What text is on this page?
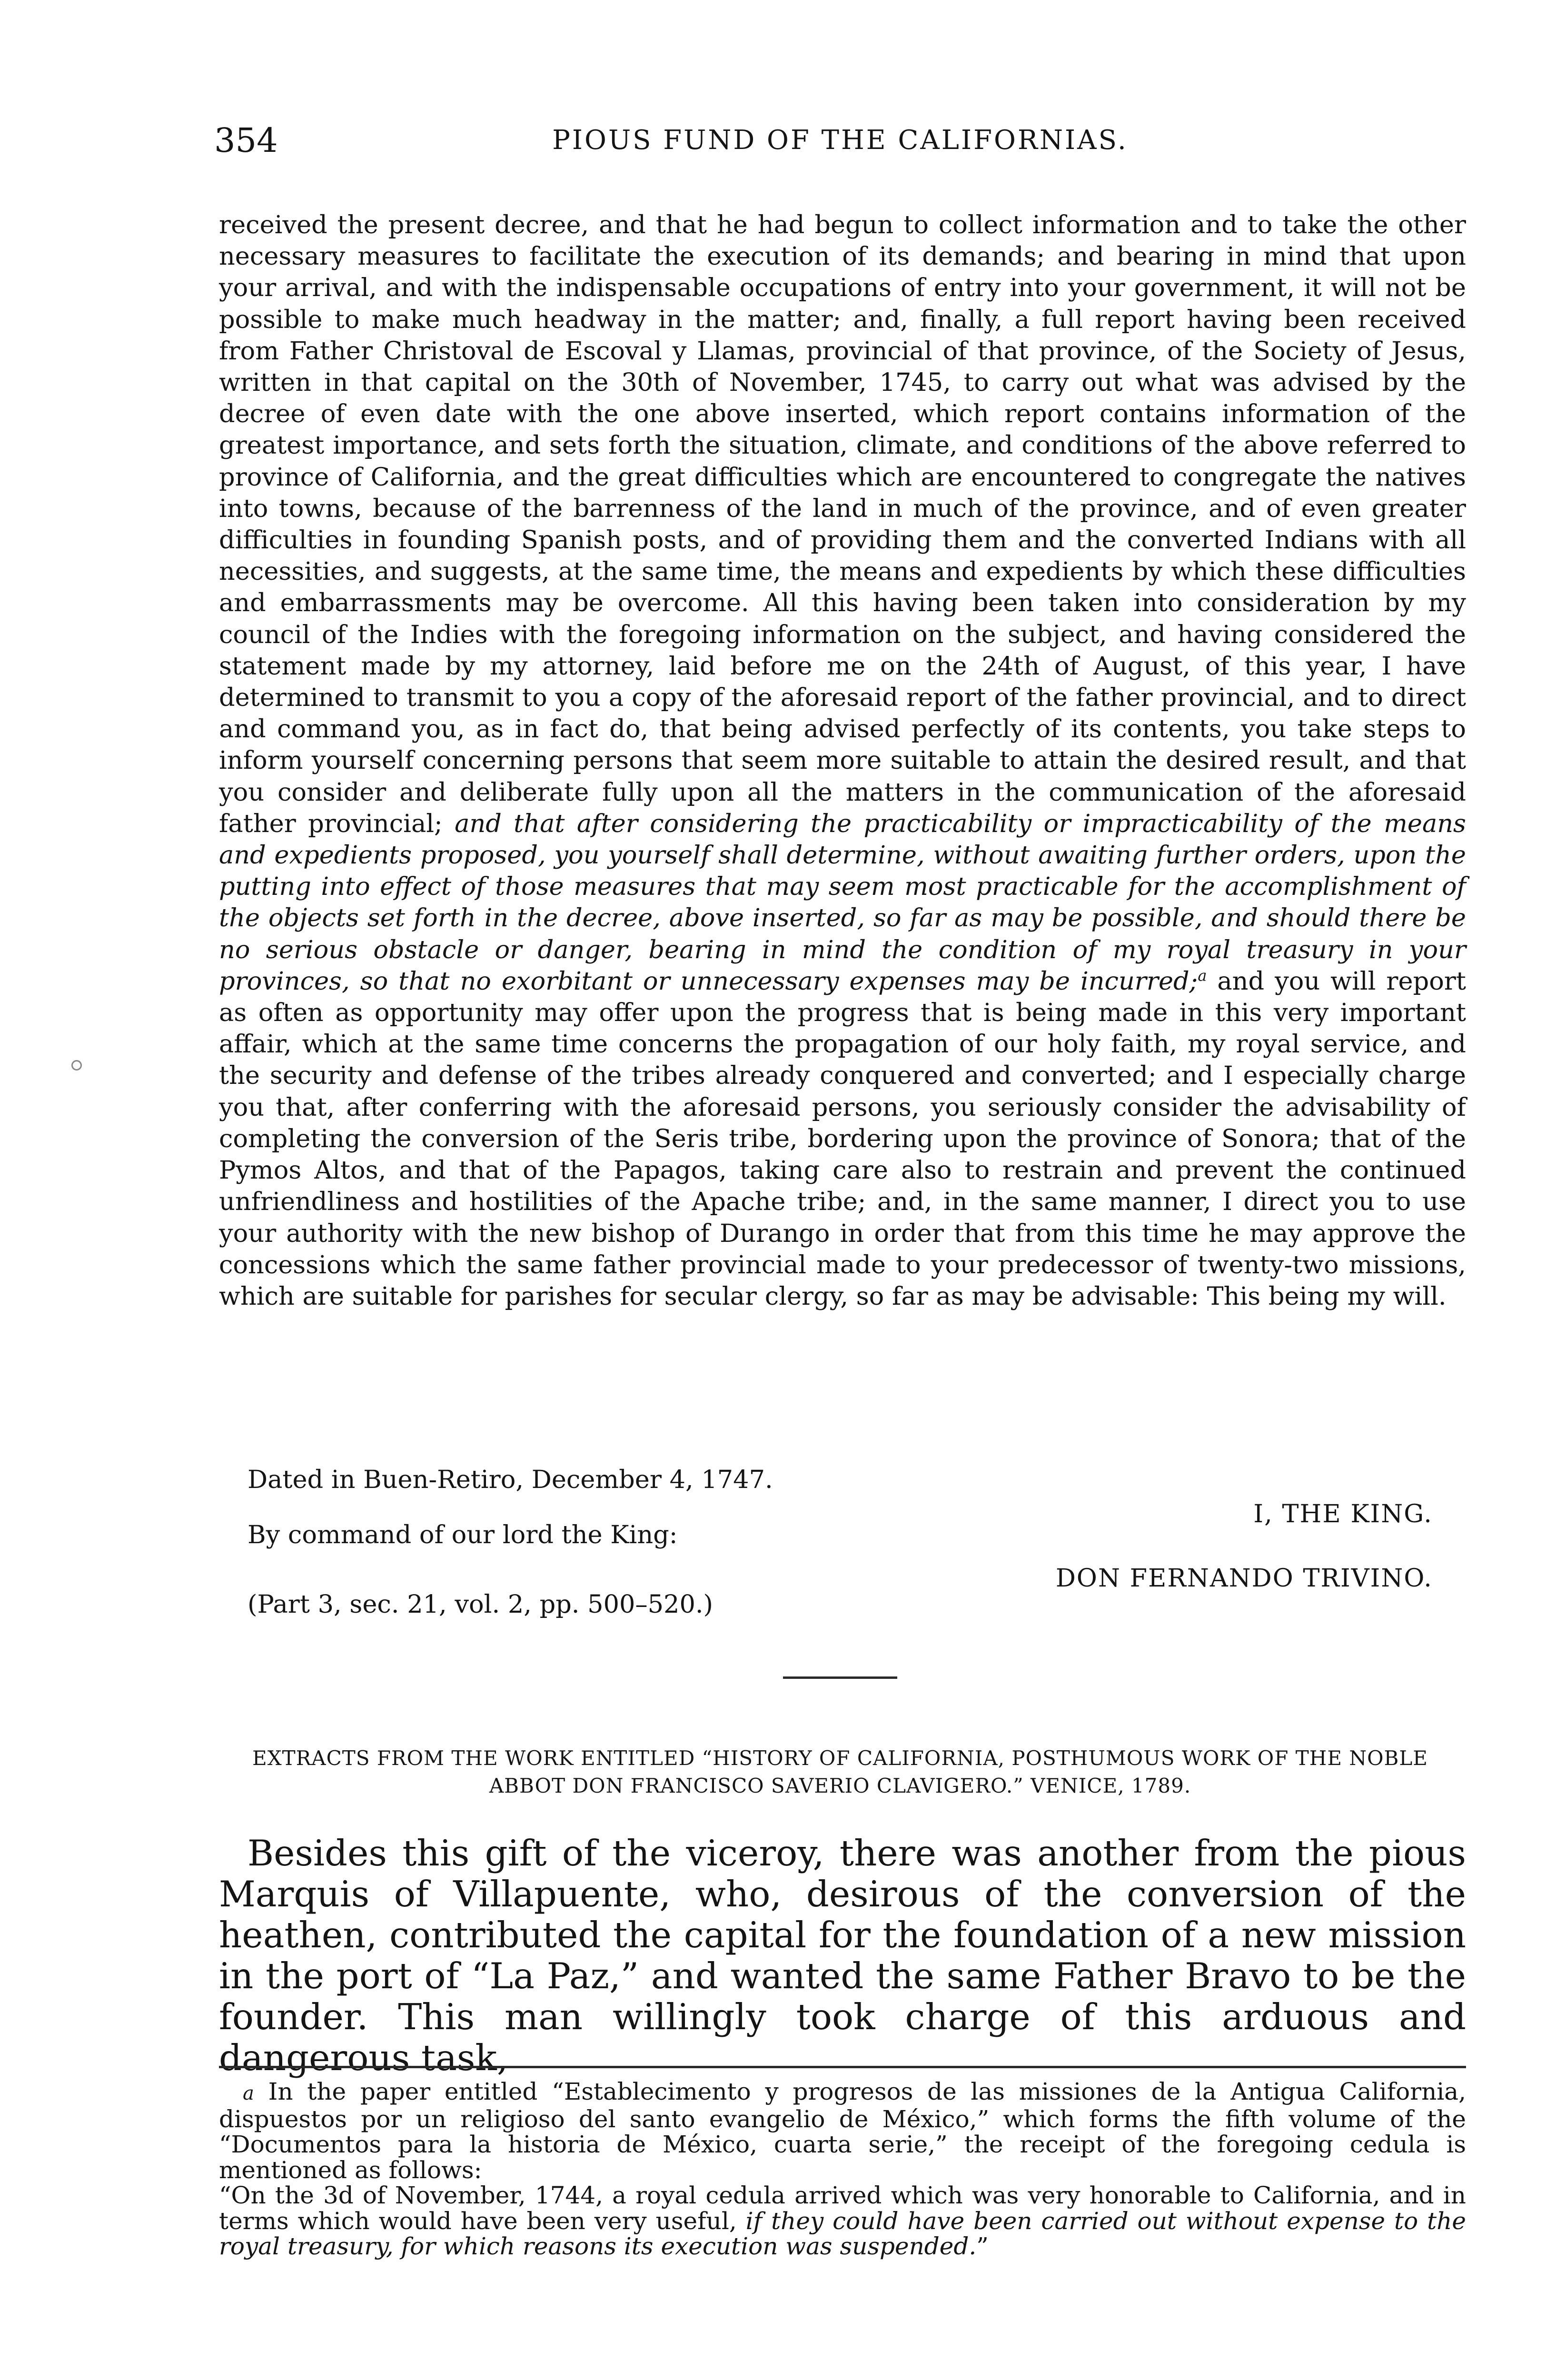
354	PIOUS FUND OF THE CALIFORNIAS.

received the present decree, and that he had begun to collect information and to take the other necessary measures to facilitate the execution of its demands; and bearing in mind that upon your arrival, and with the indispensable occupations of entry into your government, it will not be possible to make much headway in the matter; and, finally, a full report having been received from Father Christoval de Escoval y Llamas, provincial of that province, of the Society of Jesus, written in that capital on the 30th of November, 1745, to carry out what was advised by the decree of even date with the one above inserted, which report contains information of the greatest importance, and sets forth the situation, climate, and conditions of the above referred to province of California, and the great difficulties which are encountered to congregate the natives into towns, because of the barrenness of the land in much of the province, and of even greater difficulties in founding Spanish posts, and of providing them and the converted Indians with all necessities, and suggests, at the same time, the means and expedients by which these difficulties and embarrassments may be overcome. All this having been taken into consideration by my council of the Indies with the foregoing information on the subject, and having considered the statement made by my attorney, laid before me on the 24th of August, of this year, I have determined to transmit to you a copy of the aforesaid report of the father provincial, and to direct and command you, as in fact do, that being advised perfectly of its contents, you take steps to inform yourself concerning persons that seem more suitable to attain the desired result, and that you consider and deliberate fully upon all the matters in the communication of the aforesaid father provincial; and that after considering the practicability or impracticability of the means and expedients proposed, you yourself shall determine, without awaiting further orders, upon the putting into effect of those measures that may seem most practicable for the accomplishment of the objects set forth in the decree, above inserted, so far as may be possible, and should there be no serious obstacle or danger, bearing in mind the condition of my royal treasury in your provinces, so that no exorbitant or unnecessary expenses may be incurred;$^a$ and you will report as often as opportunity may offer upon the progress that is being made in this very important affair, which at the same time concerns the propagation of our holy faith, my royal service, and the security and defense of the tribes already conquered and converted; and I especially charge you that, after conferring with the aforesaid persons, you seriously consider the advisability of completing the conversion of the Seris tribe, bordering upon the province of Sonora; that of the Pymos Altos, and that of the Papagos, taking care also to restrain and prevent the continued unfriendliness and hostilities of the Apache tribe; and, in the same manner, I direct you to use your authority with the new bishop of Durango in order that from this time he may approve the concessions which the same father provincial made to your predecessor of twenty-two missions, which are suitable for parishes for secular clergy, so far as may be advisable: This being my will.

Dated in Buen-Retiro, December 4, 1747.

I, THE KING.

By command of our lord the King:

DON FERNANDO TRIVINO.

(Part 3, sec. 21, vol. 2, pp. 500–520.)

EXTRACTS FROM THE WORK ENTITLED “HISTORY OF CALIFORNIA, POSTHUMOUS WORK OF THE NOBLE ABBOT DON FRANCISCO SAVERIO CLAVIGERO.” VENICE, 1789.

Besides this gift of the viceroy, there was another from the pious Marquis of Villapuente, who, desirous of the conversion of the heathen, contributed the capital for the foundation of a new mission in the port of “La Paz,” and wanted the same Father Bravo to be the founder. This man willingly took charge of this arduous and dangerous task,

a In the paper entitled “Establecimento y progresos de las missiones de la Antigua California, dispuestos por un religioso del santo evangelio de México,” which forms the fifth volume of the “Documentos para la historia de México, cuarta serie,” the receipt of the foregoing cedula is mentioned as follows:
“On the 3d of November, 1744, a royal cedula arrived which was very honorable to California, and in terms which would have been very useful, if they could have been carried out without expense to the royal treasury, for which reasons its execution was suspended.”
